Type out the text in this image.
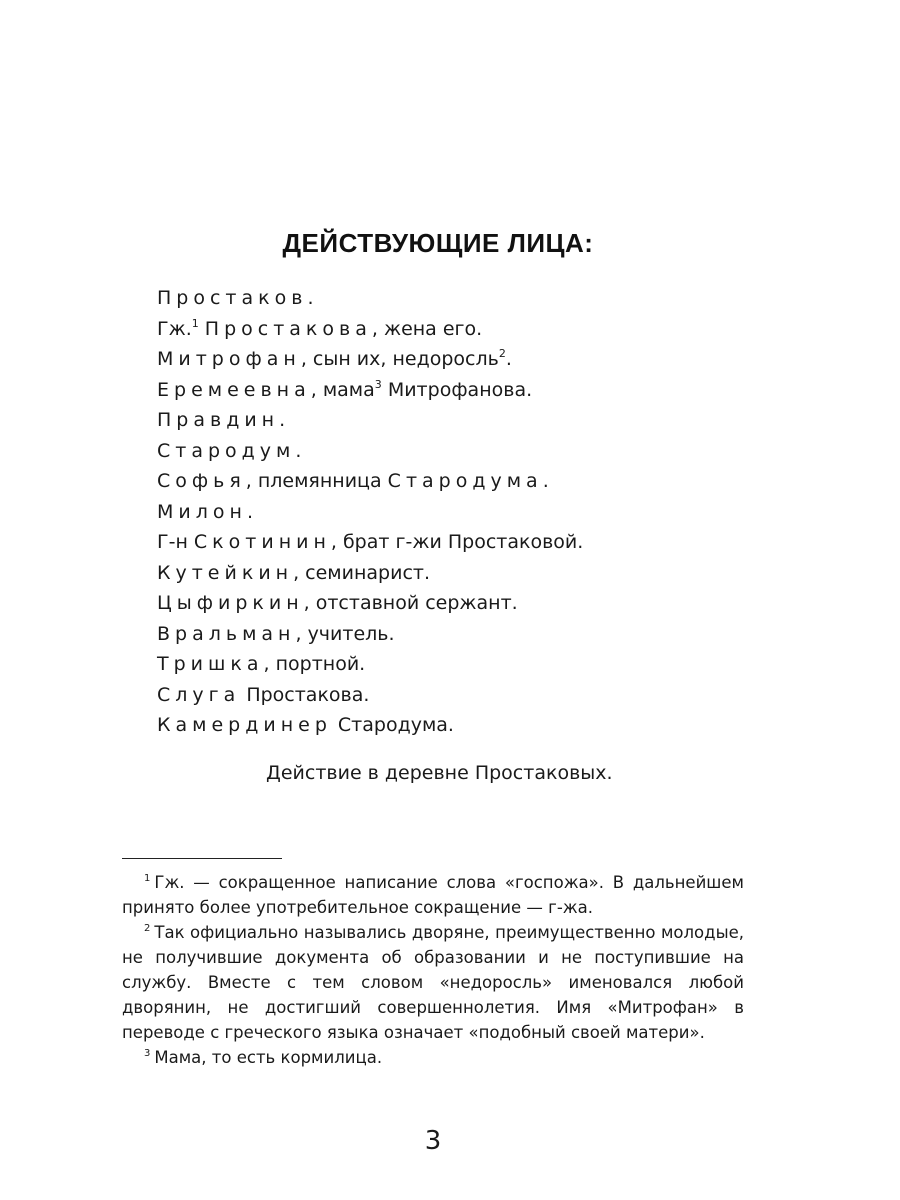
ДЕЙСТВУЮЩИЕ ЛИЦА:
Простаков.
Гж.$^1$ Простакова, жена его.
Митрофан, сын их, недоросль$^2$.
Еремеевна, мама$^3$ Митрофанова.
Правдин.
Стародум.
Софья, племянница Стародума.
Милон.
Г-н Скотинин, брат г-жи Простаковой.
Кутейкин, семинарист.
Цыфиркин, отставной сержант.
Вральман, учитель.
Тришка, портной.
Слуга Простакова.
Камердинер Стародума.
Действие в деревне Простаковых.

$^1$ Гж. — сокращенное написание слова «госпожа». В дальнейшем принято более употребительное сокращение — г-жа.

$^2$ Так официально назывались дворяне, преимущественно молодые, не получившие документа об образовании и не поступившие на службу. Вместе с тем словом «недоросль» именовался любой дворянин, не достигший совершеннолетия. Имя «Митрофан» в переводе с греческого языка означает «подобный своей матери».

$^3$ Мама, то есть кормилица.

3
